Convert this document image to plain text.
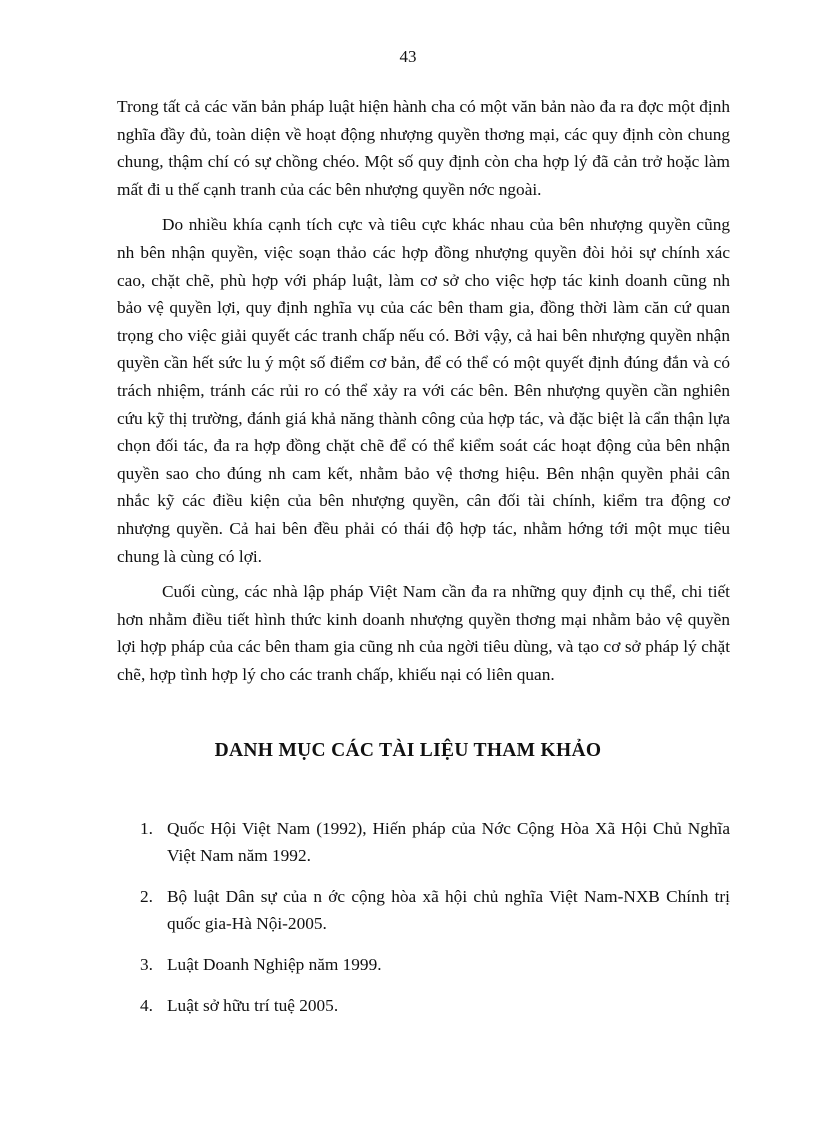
43

Trong tất cả các văn bản pháp luật hiện hành cha có một văn bản nào đa ra đợc một định nghĩa đầy đủ, toàn diện về hoạt động nhượng quyền thơng mại, các quy định còn chung chung, thậm chí có sự chồng chéo. Một số quy định còn cha hợp lý đã cản trở hoặc làm mất đi u thế cạnh tranh của các bên nhượng quyền nớc ngoài.

Do nhiều khía cạnh tích cực và tiêu cực khác nhau của bên nhượng quyền cũng nh bên nhận quyền, việc soạn thảo các hợp đồng nhượng quyền đòi hỏi sự chính xác cao, chặt chẽ, phù hợp với pháp luật, làm cơ sở cho việc hợp tác kinh doanh cũng nh bảo vệ quyền lợi, quy định nghĩa vụ của các bên tham gia, đồng thời làm căn cứ quan trọng cho việc giải quyết các tranh chấp nếu có. Bởi vậy, cả hai bên nhượng quyền nhận quyền cần hết sức lu ý một số điểm cơ bản, để có thể có một quyết định đúng đắn và có trách nhiệm, tránh các rủi ro có thể xảy ra với các bên. Bên nhượng quyền cần nghiên cứu kỹ thị trường, đánh giá khả năng thành công của hợp tác, và đặc biệt là cẩn thận lựa chọn đối tác, đa ra hợp đồng chặt chẽ để có thể kiểm soát các hoạt động của bên nhận quyền sao cho đúng nh cam kết, nhằm bảo vệ thơng hiệu. Bên nhận quyền phải cân nhắc kỹ các điều kiện của bên nhượng quyền, cân đối tài chính, kiểm tra động cơ nhượng quyền. Cả hai bên đều phải có thái độ hợp tác, nhằm hớng tới một mục tiêu chung là cùng có lợi.

Cuối cùng, các nhà lập pháp Việt Nam cần đa ra những quy định cụ thể, chi tiết hơn nhằm điều tiết hình thức kinh doanh nhượng quyền thơng mại nhằm bảo vệ quyền lợi hợp pháp của các bên tham gia cũng nh của ngời tiêu dùng, và tạo cơ sở pháp lý chặt chẽ, hợp tình hợp lý cho các tranh chấp, khiếu nại có liên quan.

DANH MỤC CÁC TÀI LIỆU THAM KHẢO
1. Quốc Hội Việt Nam (1992), Hiến pháp của Nớc Cộng Hòa Xã Hội Chủ Nghĩa Việt Nam năm 1992.
2. Bộ luật Dân sự của n ớc cộng hòa xã hội chủ nghĩa Việt Nam-NXB Chính trị quốc gia-Hà Nội-2005.
3. Luật Doanh Nghiệp năm 1999.
4. Luật sở hữu trí tuệ 2005.
